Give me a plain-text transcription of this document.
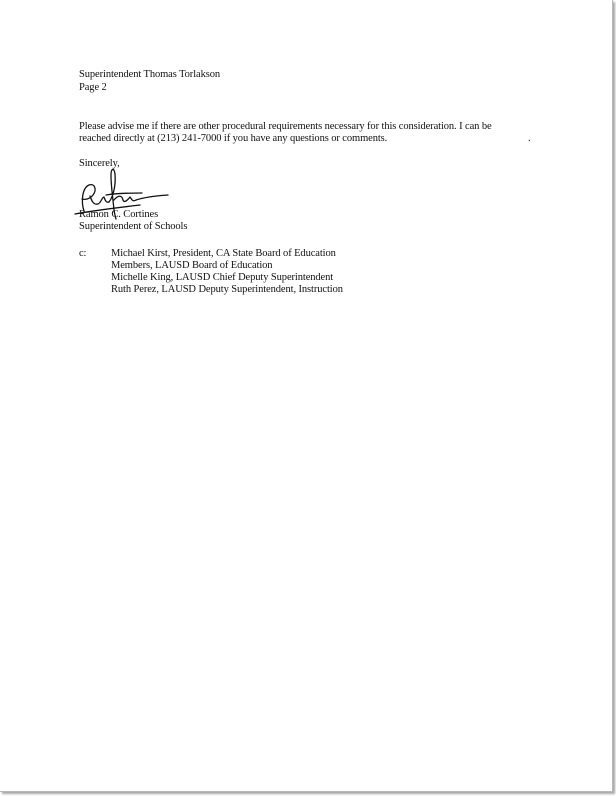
Superintendent Thomas Torlakson
Page 2
Please advise me if there are other procedural requirements necessary for this consideration. I can be
reached directly at (213) 241-7000 if you have any questions or comments.	.
Sincerely,
Ramon C. Cortines
Superintendent of Schools
c: Michael Kirst, President, CA State Board of Education
Members, LAUSD Board of Education
Michelle King, LAUSD Chief Deputy Superintendent
Ruth Perez, LAUSD Deputy Superintendent, Instruction
